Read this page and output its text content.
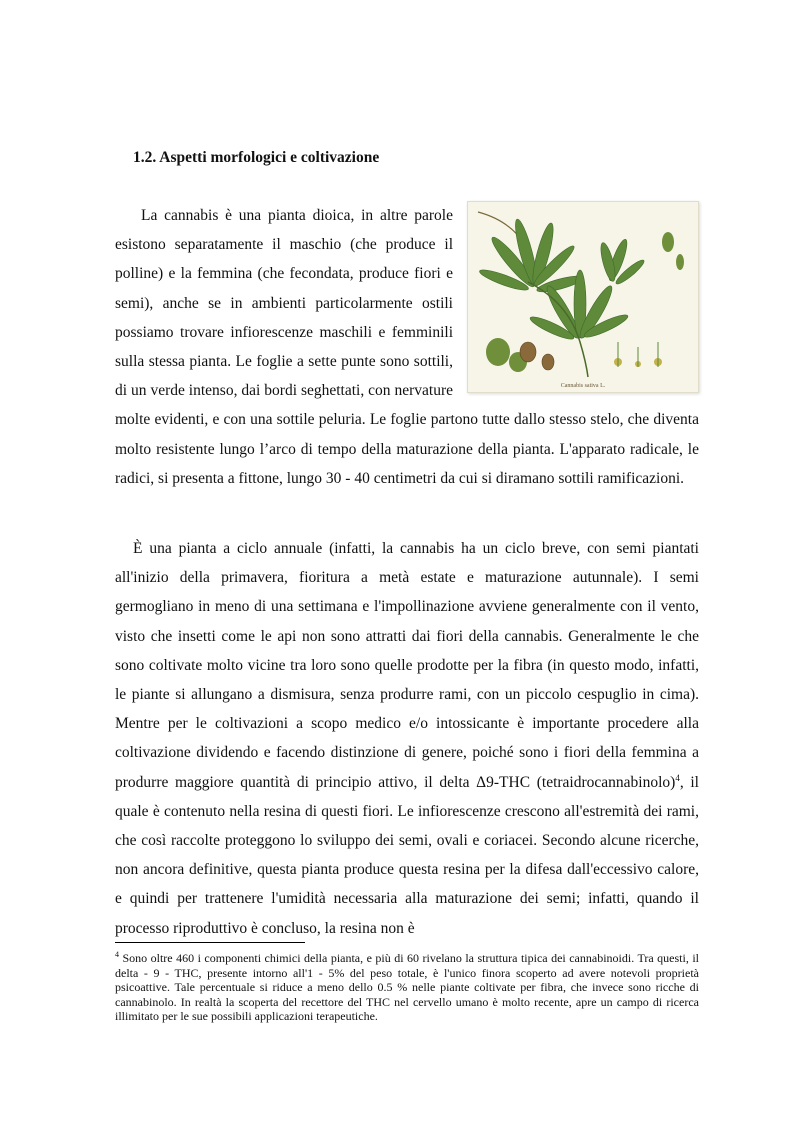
1.2. Aspetti morfologici e coltivazione

Cannabis sativa L.
La cannabis è una pianta dioica, in altre parole esistono separatamente il maschio (che produce il polline) e la femmina (che fecondata, produce fiori e semi), anche se in ambienti particolarmente ostili possiamo trovare infiorescenze maschili e femminili sulla stessa pianta. Le foglie a sette punte sono sottili, di un verde intenso, dai bordi seghettati, con nervature molte evidenti, e con una sottile peluria. Le foglie partono tutte dallo stesso stelo, che diventa molto resistente lungo l’arco di tempo della maturazione della pianta. L'apparato radicale, le radici, si presenta a fittone, lungo 30 - 40 centimetri da cui si diramano sottili ramificazioni.

È una pianta a ciclo annuale (infatti, la cannabis ha un ciclo breve, con semi piantati all'inizio della primavera, fioritura a metà estate e maturazione autunnale). I semi germogliano in meno di una settimana e l'impollinazione avviene generalmente con il vento, visto che insetti come le api non sono attratti dai fiori della cannabis. Generalmente le che sono coltivate molto vicine tra loro sono quelle prodotte per la fibra (in questo modo, infatti, le piante si allungano a dismisura, senza produrre rami, con un piccolo cespuglio in cima). Mentre per le coltivazioni a scopo medico e/o intossicante è importante procedere alla coltivazione dividendo e facendo distinzione di genere, poiché sono i fiori della femmina a produrre maggiore quantità di principio attivo, il delta Δ9-THC (tetraidrocannabinolo)$^4$, il quale è contenuto nella resina di questi fiori. Le infiorescenze crescono all'estremità dei rami, che così raccolte proteggono lo sviluppo dei semi, ovali e coriacei. Secondo alcune ricerche, non ancora definitive, questa pianta produce questa resina per la difesa dall'eccessivo calore, e quindi per trattenere l'umidità necessaria alla maturazione dei semi; infatti, quando il processo riproduttivo è concluso, la resina non è

$^4$ Sono oltre 460 i componenti chimici della pianta, e più di 60 rivelano la struttura tipica dei cannabinoidi. Tra questi, il delta - 9 - THC, presente intorno all'1 - 5% del peso totale, è l'unico finora scoperto ad avere notevoli proprietà psicoattive. Tale percentuale si riduce a meno dello 0.5 % nelle piante coltivate per fibra, che invece sono ricche di cannabinolo. In realtà la scoperta del recettore del THC nel cervello umano è molto recente, apre un campo di ricerca illimitato per le sue possibili applicazioni terapeutiche.
